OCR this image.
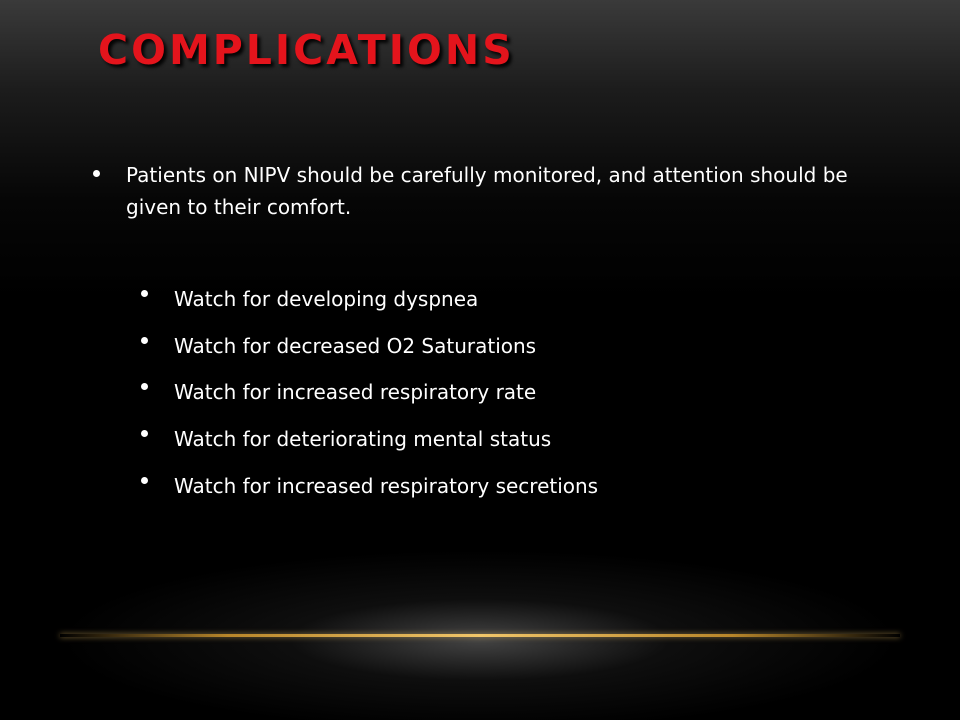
COMPLICATIONS
Patients on NIPV should be carefully monitored, and attention should be given to their comfort.
Watch for developing dyspnea
Watch for decreased O2 Saturations
Watch for increased respiratory rate
Watch for deteriorating mental status
Watch for increased respiratory secretions
